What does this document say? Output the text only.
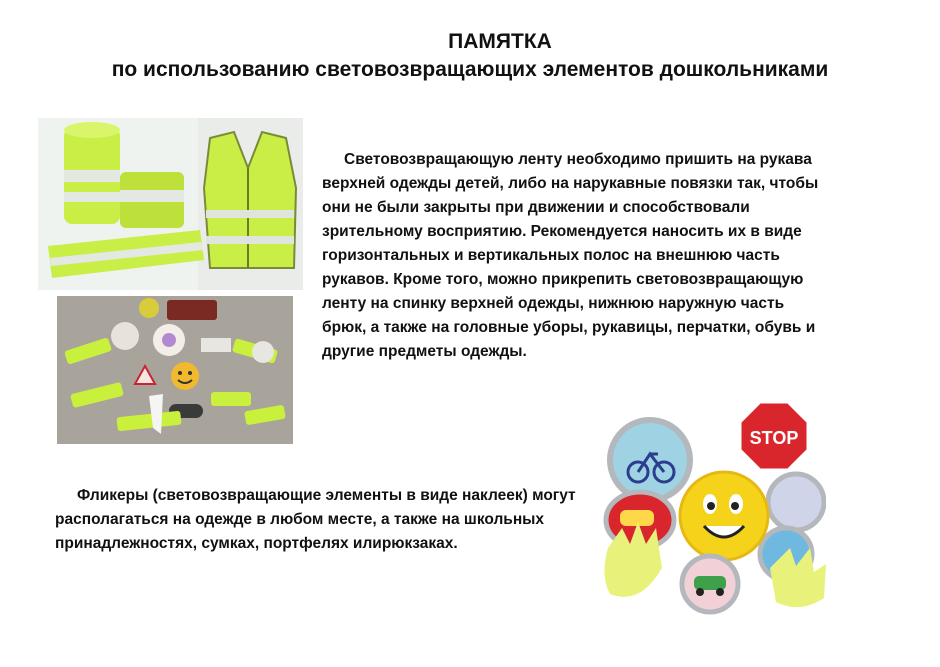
ПАМЯТКА
по использованию световозвращающих элементов дошкольниками
Световозвращающую ленту необходимо пришить на рукава верхней одежды детей, либо на нарукавные повязки так, чтобы они не были закрыты при движении и способствовали зрительному восприятию. Рекомендуется наносить их в виде горизонтальных и вертикальных полос на внешнюю часть рукавов. Кроме того, можно прикрепить световозвращающую ленту на спинку верхней одежды, нижнюю наружную часть брюк, а также на головные уборы, рукавицы, перчатки, обувь и другие предметы одежды.
Фликеры (световозвращающие элементы в виде наклеек) могут располагаться на одежде в любом месте, а также на школьных принадлежностях, сумках, портфелях илирюкзаках.
STOP
